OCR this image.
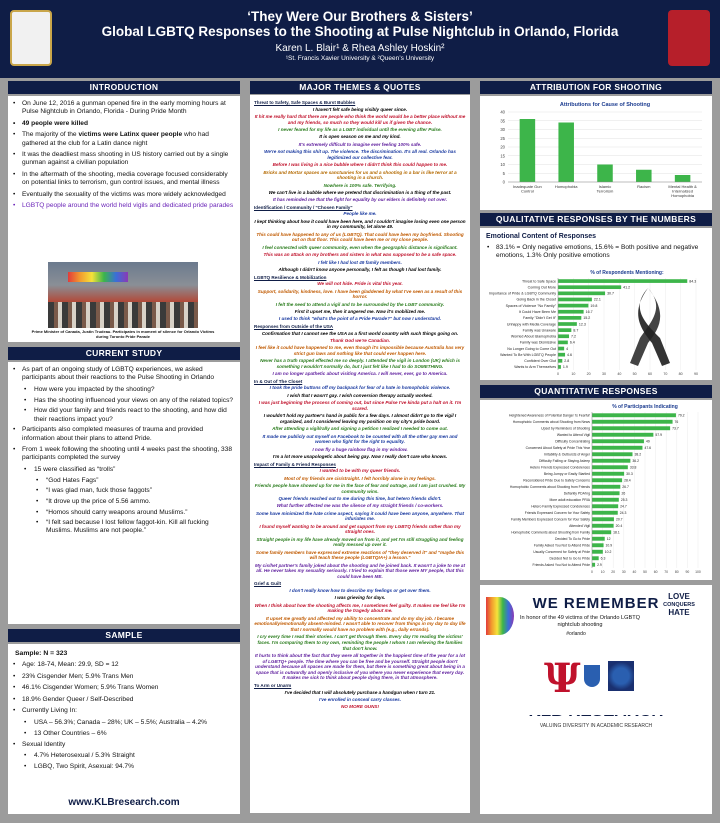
‘They Were Our Brothers & Sisters’
Global LGBTQ Responses to the Shooting at Pulse Nightclub in Orlando, Florida
Karen L. Blair¹ & Rhea Ashley Hoskin²
¹St. Francis Xavier University & ²Queen’s University
INTRODUCTION
• On June 12, 2016 a gunman opened fire in the early morning hours at Pulse Nightclub in Orlando, Florida - During Pride Month
• 49 people were killed
• The majority of the victims were Latinx queer people who had gathered at the club for a Latin dance night
• It was the deadliest mass shooting in US history carried out by a single gunman against a civilian population
• In the aftermath of the shooting, media coverage focused considerably on potential links to terrorism, gun control issues, and mental illness
• Eventually the sexuality of the victims was more widely acknowledged
• LGBTQ people around the world held vigils and dedicated pride parades
Prime Minister of Canada, Justin Trudeau. Participates in moment of silence for Orlando Victims during Toronto Pride Parade
CURRENT STUDY
• As part of an ongoing study of LGBTQ experiences, we asked participants about their reactions to the Pulse Shooting in Orlando
• How were you impacted by the shooting?
• Has the shooting influenced your views on any of the related topics?
• How did your family and friends react to the shooting, and how did their reactions impact you?
• Participants also completed measures of trauma and provided information about their plans to attend Pride.
• From 1 week following the shooting until 4 weeks past the shooting, 338 participants completed the survey
• 15 were classified as “trolls”
• “God Hates Fags”
• “I was glad man, fuck those faggots”
• “It drove up the price of 5.56 ammo.
• “Homos should carry weapons around Muslims.”
• “I felt sad because I lost fellow faggot-kin. Kill all fucking Muslims. Muslims are not people.”
SAMPLE
Sample: N = 323
• Age: 18-74, Mean: 29.9, SD = 12
• 23% Cisgender Men; 5.9% Trans Men
• 46.1% Cisgender Women; 5.9% Trans Women
• 18.9% Gender Queer / Self-Described
• Currently Living In:
• USA – 56.3%; Canada – 28%; UK – 5.5%; Australia – 4.2%
• 13 Other Countries – 6%
• Sexual Identity
• 4.7% Heterosexual / 5.3% Straight
• LGBQ, Two Spirit, Asexual: 94.7%
www.KLBresearch.com
MAJOR THEMES & QUOTES
Threat to Safety, Safe Spaces & Burst Bubbles
I haven't felt safe being visibly queer since.
It hit me really hard that there are people who think the world would be a better place without me and my friends, so much so they would kill us if given the chance.
I never feared for my life as a LGBT individual until the evening after Pulse.
It is open season on me and my kind.
It's extremely difficult to imagine ever feeling 100% safe.
We're not making this shit up. The violence. The discrimination. It's all real. Orlando has legitimized our collective fear.
Before I was living in a nice bubble where I didn't think this could happen to me.
Bricks and Mortar spaces are sanctuaries for us and a shooting in a bar is like terror at a shooting in a church.
Nowhere is 100% safe. Terrifying.
We can't live in a bubble where we pretend that discrimination is a thing of the past.
It has reminded me that the fight for equality by our elders is definitely not over.
Identification / Community / "Chosen Family"
People like me.
I kept thinking about how it could have been here, and I couldn't imagine losing even one person in my community, let alone 49.
This could have happened to any of us (LGBTQ). That could have been my boyfriend. Shooting out on that floor. This could have been me or my close people.
I feel connected with queer community, even when the geographic distance is significant.
This was an attack on my brothers and sisters in what was supposed to be a safe space.
I felt like I had lost 49 family members.
Although I didn't know anyone personally, I felt as though I had lost family.
LGBTQ Resilience & Mobilization
We will not hide. Pride is vital this year.
Support, solidarity, kindness, love. I have been gladdened by what I've seen as a result of this horror.
I felt the need to attend a vigil and to be surrounded by the LGBT community.
First it upset me, then it angered me. Now it's mobilized me.
I used to think "what's the point of a Pride Parade?" but now I understand.
Responses from Outside of the USA
Confirmation that I cannot see the USA as a first world country with such things going on.
Thank God we're Canadian.
I feel like it could have happened to me, even though it's impossible because Australia has very strict gun laws and nothing like that could ever happen here.
Never has a truth rapped effected me so deeply. I attended the vigil in London (UK) which is something I wouldn't normally do, but I just felt like I had to do SOMETHING.
I am no longer apathetic about visiting America. I will never, ever, go to America.
In & Out of The Closet
I took the pride buttons off my backpack for fear of a hate in homophobic violence.
I wish that I wasn't gay. I wish conversion therapy actually worked.
I was just beginning the process of coming out, but since Pulse I've kinda put a halt on it. I'm scared.
I wouldn't hold my partner's hand in public for a few days. I almost didn't go to the vigil I organized, and I considered leaving my position on my city's pride board.
After attending a vigil/rally and signing a petition I realized I needed to come out.
It made me publicly out myself on Facebook to be counted with all the other gay men and women who fight for the right to equality.
I now fly a huge rainbow flag in my window.
I'm a lot more unapologetic about being gay. Now I really don't care who knows.
Impact of Family & Friend Responses
I wanted to be with my queer friends.
Most of my friends are cis/straight. I felt horribly alone in my feelings.
Friends people have showed up for me in the face of fear and outrage, and I am just crushed. My community wins.
Queer friends reached out to me during this time, but hetero friends didn't.
What further affected me was the silence of my straight friends / co-workers.
Some have minimized the hate crime aspect, saying it could have been anyone, anywhere. That infuriates me.
I found myself wanting to be around and get support from my LGBTQ friends rather than my straight ones.
Straight people in my life have already moved on from it, and yet I'm still struggling and feeling really messed up over it.
Some family members have expressed extreme reactions of "they deserved it" and "maybe this will teach these people (LGBTQIA+) a lesson."
My cis/het partner's family joked about the shooting and he joined back. It wasn't a joke to me at all. He never takes my sexuality seriously. I tried to explain that those were MY people, that this could have been ME.
Grief & Guilt
I don't really know how to describe my feelings or get over them.
I was grieving for days.
When I think about how the shooting affects me, I sometimes feel guilty. It makes me feel like I'm making the tragedy about me.
It upset me greatly and affected my ability to concentrate and do my day job. I became emotionally/emotionally absent-minded. I wasn't able to recover from things in my day to day life that I normally would have no problem with (e.g., daily errands).
I cry every time I read their stories. I can't get through them. Every day I'm reading the victims' faces. I'm comparing them to my own, reminding the people I whom I am relieving the families that don't know.
It hurts to think about the fact that they were all together in the happiest time of the year for a lot of LGBTQ+ people. The time where you can be free and be yourself. Straight people don't understand because all spaces are made for them, but there is something great about being in a space that is outwardly and openly inclusive of you where you never experience that every day. It makes me sick to think about people dying there, in that atmosphere.
To Arm or Unarm
I've decided that I will absolutely purchase a handgun when I turn 21.
I've enrolled in conceal carry classes.
NO MORE GUNS!
ATTRIBUTION FOR SHOOTING
Attributions for Cause of Shooting
0
5
10
15
20
25
30
35
40
Inadequate Gun Control
Homophobia	Islamic Terrorism
Racism	Mental Health & Internalized Homophobia
QUALITATIVE RESPONSES BY THE NUMBERS
Emotional Content of Responses
• 83.1% = Only negative emotions, 15.6% = Both positive and negative emotions, 1.3% Only positive emotions
% of Respondents Mentioning:
0	10	20	30	40	50	60	70	80	90
Threat to Safe Space	84.3
Coming Out More	41.2
Importance of Pride & LGBTQ Community	30.7
Going Back in the Closet	22.1
Spaces of Violence "No Family"	19.8
It Could Have Been Me	16.7
Family "Didn't Get It"	15.2
Unhappy with Media Coverage	12.3
Family was Unaware	8.7
Worried About Islamophobia	7.2
Family was Dismissive	6.4
No Longer Going to Come Out	4
Wanted To Be With LGBTQ People	4.6
Confident Over Glut 2.8
Wants to Arm Themselves 1.9
QUANTITATIVE RESPONSES
% of Participants Indicating
0 10 20 30 40 50 60 70 80 90 100
Heightened Awareness of Potential Danger 'is Fearful'	79.2
Homophobic Comments about Shooting from News	76
Upset by Reminders of Shooting	73.7
Wanted to Attend Vigil	57.9
Difficulty Concentrating	49
Concerned About Safety at Pride This Year	47.6
Irritability & Outbursts of Anger	38.2
Difficulty Falling or Staying Asleep	36.2
Hetero Friends Expressed Condolences	33.8
Being Jumpy or Easily Startled	30.3
Reconsidered Pride Due to Safety Concerns	28.4
Homophobic Comments about Shooting from Friends	26.7
Defiantly PDA'ing	26
More adult education PRIA	25.3
Hetero Family Expressed Condolences	24.7
Friends Expressed Concern for Your Safety	24.3
Family Members Expressed Concern for Your Safety	20.7
Attended Vigil	20.4
Homophobic Comments about Shooting from Family	18.1
Decided To Go to Pride	12
Family Asked You Not to Attend Pride	10.9
Usually Concerned for Safety at Pride	10.2
Decided Not to Go to Pride	6.3
Friends Asked You Not to Attend Pride 2.9
WE REMEMBER
In honor of the 49 victims of the Orlando LGBTQ nightclub shooting
#orlando
LOVE
CONQUERS
HATE
Ψ
VALUING DIVERSITY IN ACADEMIC RESEARCH
